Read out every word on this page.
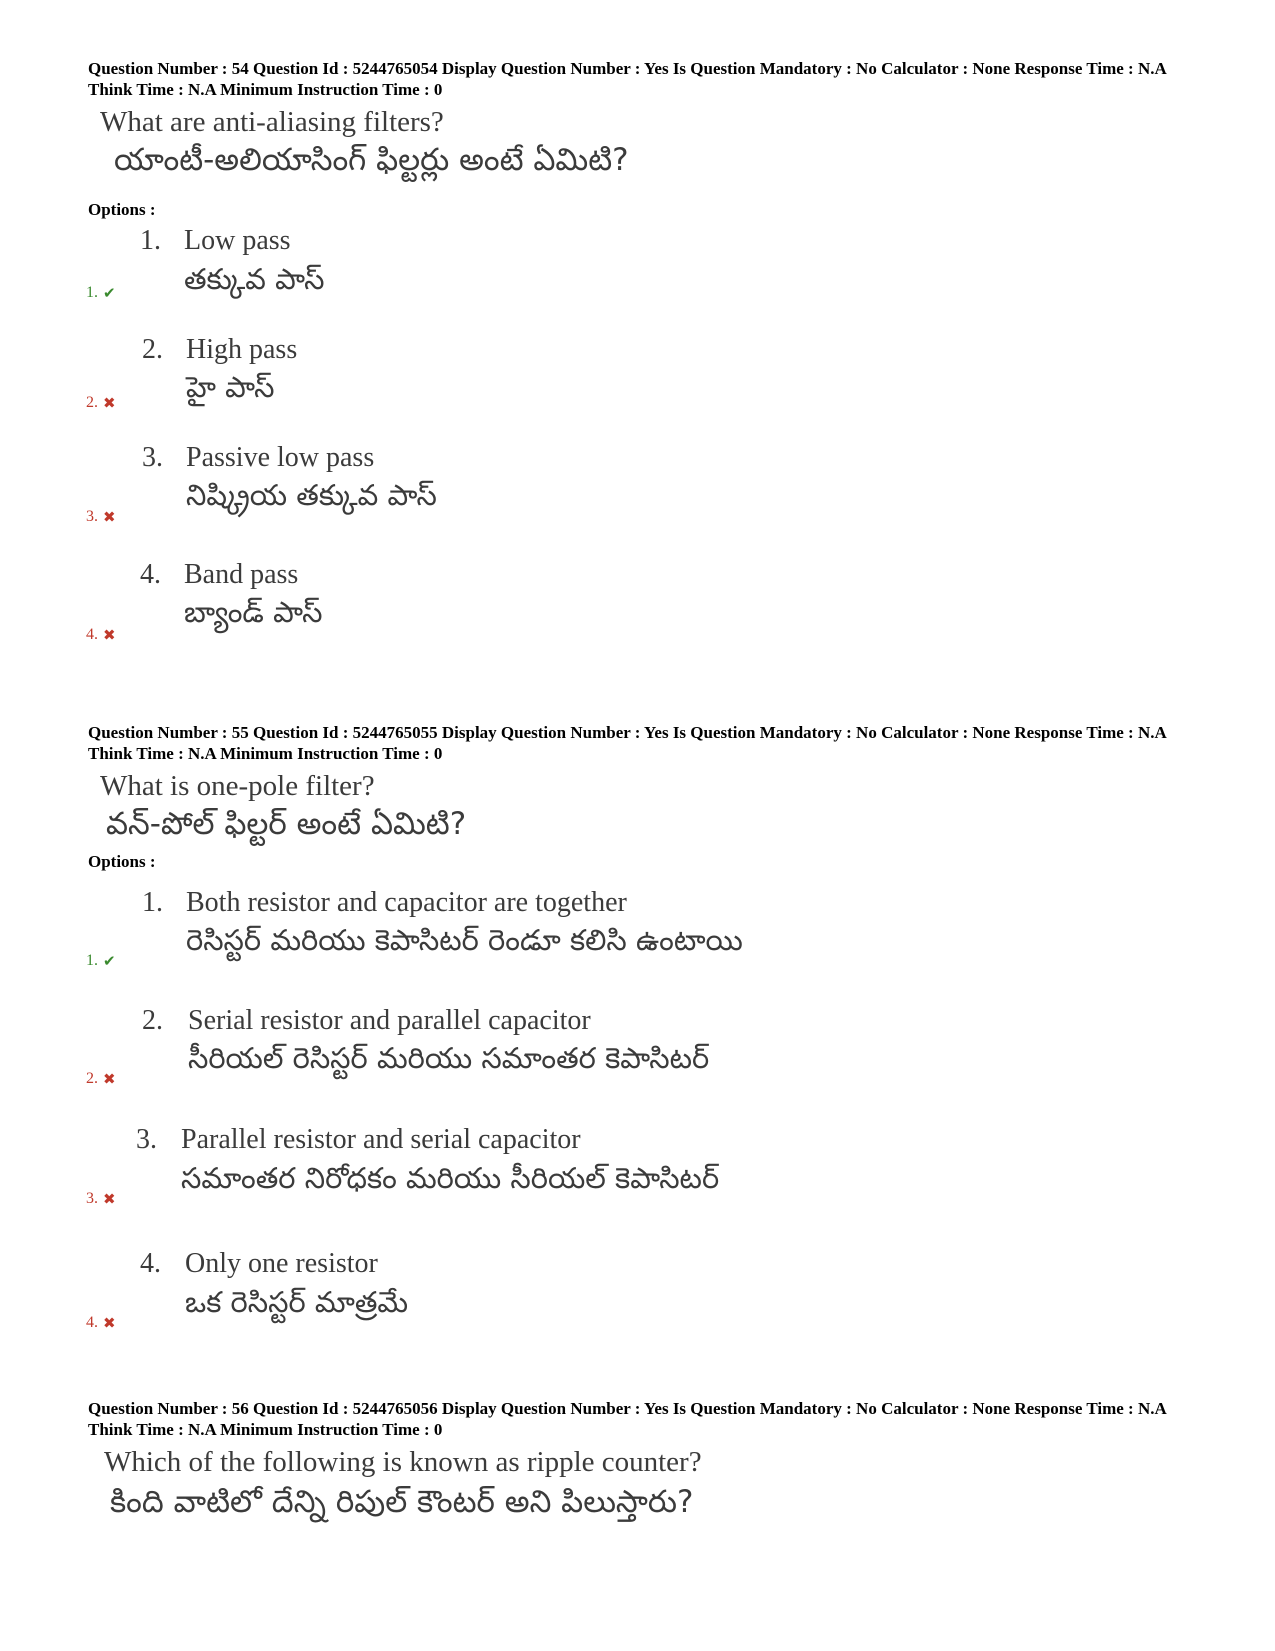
Question Number : 54 Question Id : 5244765054 Display Question Number : Yes Is Question Mandatory : No Calculator : None Response Time : N.A Think Time : N.A Minimum Instruction Time : 0
What are anti-aliasing filters?
యాంటీ-అలియాసింగ్ ఫిల్టర్లు అంటే ఏమిటి?
Options :
1. ✔
1. Low pass
తక్కువ పాస్
2. ✖
2. High pass
హై పాస్
3. ✖
3. Passive low pass
నిష్క్రియ తక్కువ పాస్
4. ✖
4. Band pass
బ్యాండ్ పాస్
Question Number : 55 Question Id : 5244765055 Display Question Number : Yes Is Question Mandatory : No Calculator : None Response Time : N.A Think Time : N.A Minimum Instruction Time : 0
What is one-pole filter?
వన్-పోల్ ఫిల్టర్ అంటే ఏమిటి?
Options :
1. ✔
1. Both resistor and capacitor are together
రెసిస్టర్ మరియు కెపాసిటర్ రెండూ కలిసి ఉంటాయి
2. ✖
2. Serial resistor and parallel capacitor
సీరియల్ రెసిస్టర్ మరియు సమాంతర కెపాసిటర్
3. ✖
3. Parallel resistor and serial capacitor
సమాంతర నిరోధకం మరియు సీరియల్ కెపాసిటర్
4. ✖
4. Only one resistor
ఒక రెసిస్టర్ మాత్రమే
Question Number : 56 Question Id : 5244765056 Display Question Number : Yes Is Question Mandatory : No Calculator : None Response Time : N.A Think Time : N.A Minimum Instruction Time : 0
Which of the following is known as ripple counter?
కింది వాటిలో దేన్ని రిపుల్ కౌంటర్ అని పిలుస్తారు?
